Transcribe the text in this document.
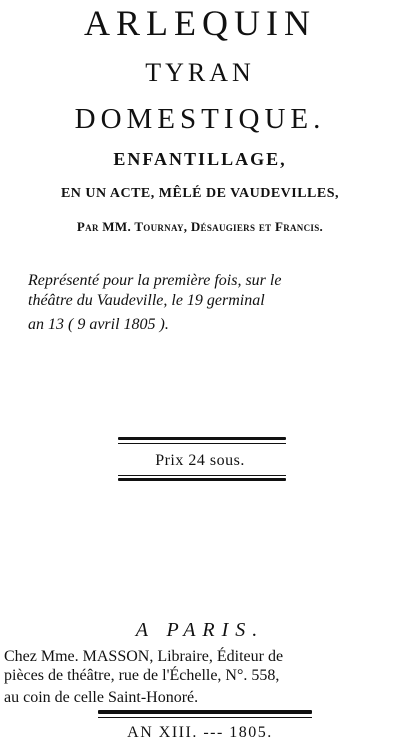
ARLEQUIN

TYRAN

DOMESTIQUE.

ENFANTILLAGE,

EN UN ACTE, MÊLÉ DE VAUDEVILLES,

Par MM. Tournay, Désaugiers et Francis.

Représenté pour la première fois, sur le

théâtre du Vaudeville, le 19 germinal

an 13 ( 9 avril 1805 ).

Prix 24 sous.

A PARIS.

Chez Mme. MASSON, Libraire, Éditeur de

pièces de théâtre, rue de l'Échelle, N°. 558,

au coin de celle Saint-Honoré.

AN XIII. --- 1805.
